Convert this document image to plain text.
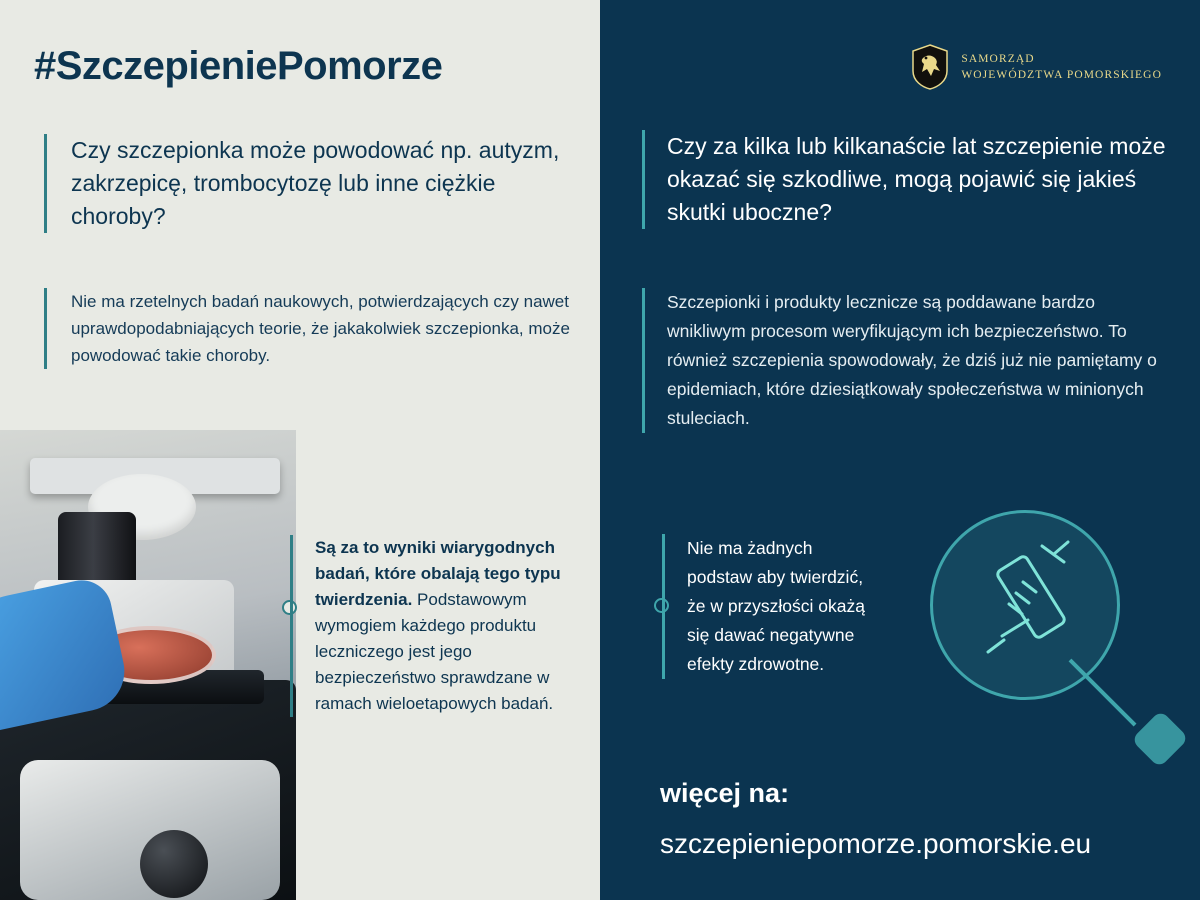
#SzczepieniePomorze
Czy szczepionka może powodować np. autyzm, zakrzepicę, trombocytozę lub inne ciężkie choroby?
Nie ma rzetelnych badań naukowych, potwierdzających czy nawet uprawdopodabniających teorie, że jakakolwiek szczepionka, może powodować takie choroby.
Są za to wyniki wiarygodnych badań, które obalają tego typu twierdzenia. Podstawowym wymogiem każdego produktu leczniczego jest jego bezpieczeństwo sprawdzane w ramach wieloetapowych badań.
SAMORZĄD
WOJEWÓDZTWA POMORSKIEGO
Czy za kilka lub kilkanaście lat szczepienie może okazać się szkodliwe, mogą pojawić się jakieś skutki uboczne?
Szczepionki i produkty lecznicze są poddawane bardzo wnikliwym procesom weryfikującym ich bezpieczeństwo. To również szczepienia spowodowały, że dziś już nie pamiętamy o epidemiach, które dziesiątkowały społeczeństwa w minionych stuleciach.
Nie ma żadnych podstaw aby twierdzić, że w przyszłości okażą się dawać negatywne efekty zdrowotne.
więcej na:
szczepieniepomorze.pomorskie.eu
